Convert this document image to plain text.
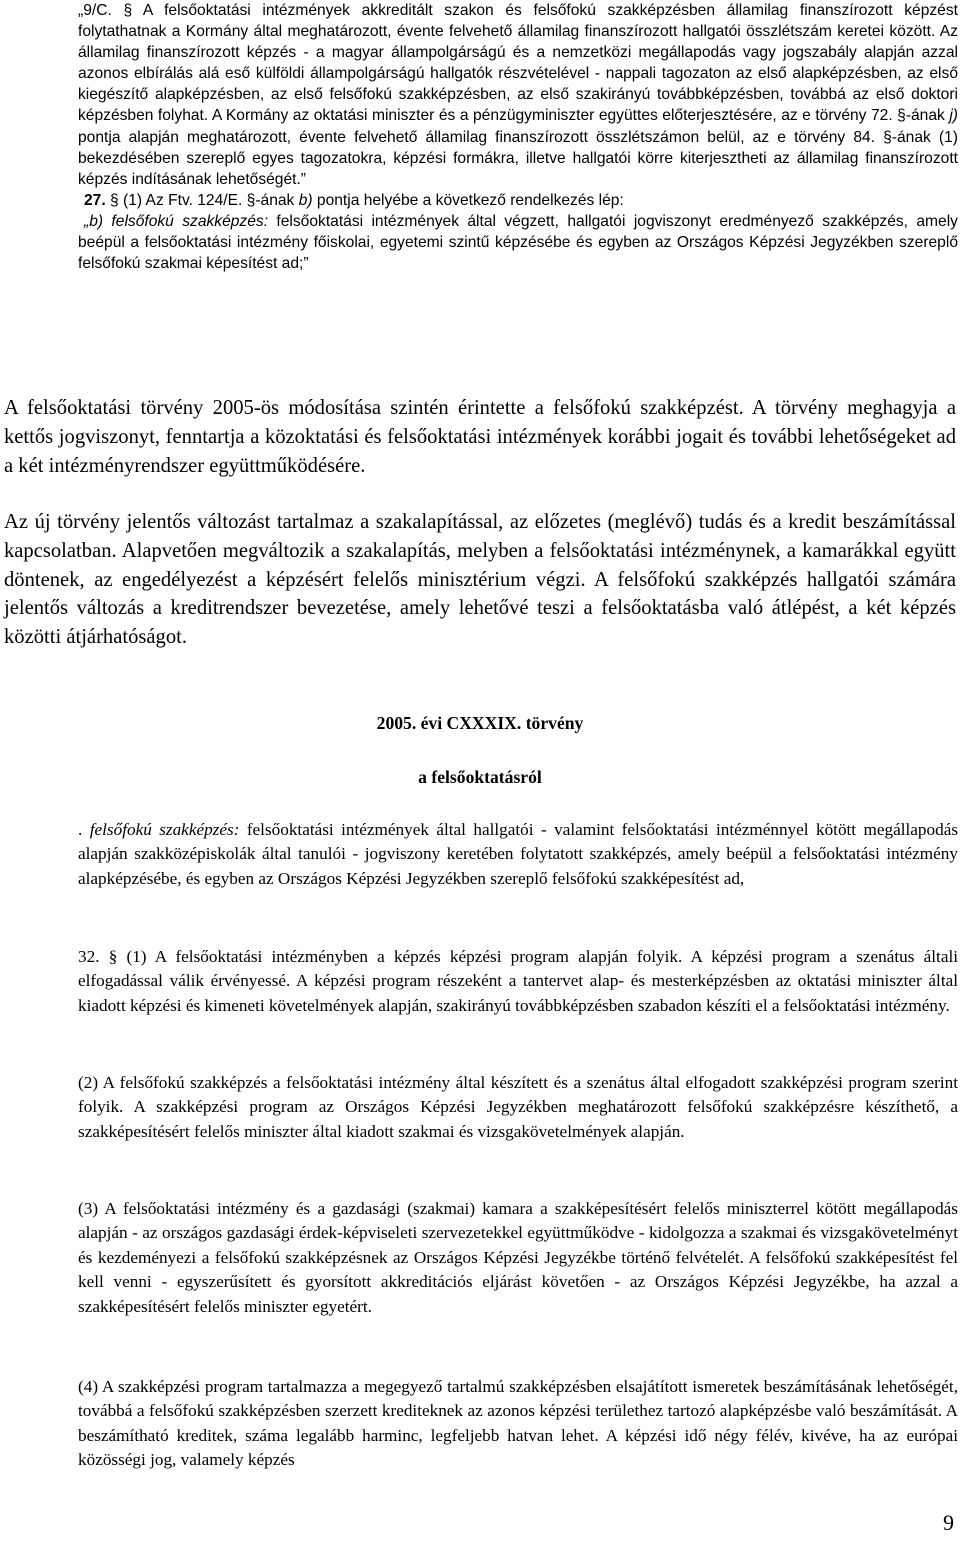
„9/C. § A felsőoktatási intézmények akkreditált szakon és felsőfokú szakképzésben államilag finanszírozott képzést folytathatnak a Kormány által meghatározott, évente felvehető államilag finanszírozott hallgatói összlétszám keretei között. Az államilag finanszírozott képzés - a magyar állampolgárságú és a nemzetközi megállapodás vagy jogszabály alapján azzal azonos elbírálás alá eső külföldi állampolgárságú hallgatók részvételével - nappali tagozaton az első alapképzésben, az első kiegészítő alapképzésben, az első felsőfokú szakképzésben, az első szakirányú továbbképzésben, továbbá az első doktori képzésben folyhat. A Kormány az oktatási miniszter és a pénzügyminiszter együttes előterjesztésére, az e törvény 72. §-ának j) pontja alapján meghatározott, évente felvehető államilag finanszírozott összlétszámon belül, az e törvény 84. §-ának (1) bekezdésében szereplő egyes tagozatokra, képzési formákra, illetve hallgatói körre kiterjesztheti az államilag finanszírozott képzés indításának lehetőségét.”

27. § (1) Az Ftv. 124/E. §-ának b) pontja helyébe a következő rendelkezés lép:

„b) felsőfokú szakképzés: felsőoktatási intézmények által végzett, hallgatói jogviszonyt eredményező szakképzés, amely beépül a felsőoktatási intézmény főiskolai, egyetemi szintű képzésébe és egyben az Országos Képzési Jegyzékben szereplő felsőfokú szakmai képesítést ad;”

A felsőoktatási törvény 2005-ös módosítása szintén érintette a felsőfokú szakképzést. A törvény meghagyja a kettős jogviszonyt, fenntartja a közoktatási és felsőoktatási intézmények korábbi jogait és további lehetőségeket ad a két intézményrendszer együttműködésére.

Az új törvény jelentős változást tartalmaz a szakalapítással, az előzetes (meglévő) tudás és a kredit beszámítással kapcsolatban. Alapvetően megváltozik a szakalapítás, melyben a felsőoktatási intézménynek, a kamarákkal együtt döntenek, az engedélyezést a képzésért felelős minisztérium végzi. A felsőfokú szakképzés hallgatói számára jelentős változás a kreditrendszer bevezetése, amely lehetővé teszi a felsőoktatásba való átlépést, a két képzés közötti átjárhatóságot.

2005. évi CXXXIX. törvény

a felsőoktatásról

. felsőfokú szakképzés: felsőoktatási intézmények által hallgatói - valamint felsőoktatási intézménnyel kötött megállapodás alapján szakközépiskolák által tanulói - jogviszony keretében folytatott szakképzés, amely beépül a felsőoktatási intézmény alapképzésébe, és egyben az Országos Képzési Jegyzékben szereplő felsőfokú szakképesítést ad,

32. § (1) A felsőoktatási intézményben a képzés képzési program alapján folyik. A képzési program a szenátus általi elfogadással válik érvényessé. A képzési program részeként a tantervet alap- és mesterképzésben az oktatási miniszter által kiadott képzési és kimeneti követelmények alapján, szakirányú továbbképzésben szabadon készíti el a felsőoktatási intézmény.

(2) A felsőfokú szakképzés a felsőoktatási intézmény által készített és a szenátus által elfogadott szakképzési program szerint folyik. A szakképzési program az Országos Képzési Jegyzékben meghatározott felsőfokú szakképzésre készíthető, a szakképesítésért felelős miniszter által kiadott szakmai és vizsgakövetelmények alapján.

(3) A felsőoktatási intézmény és a gazdasági (szakmai) kamara a szakképesítésért felelős miniszterrel kötött megállapodás alapján - az országos gazdasági érdek-képviseleti szervezetekkel együttműködve - kidolgozza a szakmai és vizsgakövetelményt és kezdeményezi a felsőfokú szakképzésnek az Országos Képzési Jegyzékbe történő felvételét. A felsőfokú szakképesítést fel kell venni - egyszerűsített és gyorsított akkreditációs eljárást követően - az Országos Képzési Jegyzékbe, ha azzal a szakképesítésért felelős miniszter egyetért.

(4) A szakképzési program tartalmazza a megegyező tartalmú szakképzésben elsajátított ismeretek beszámításának lehetőségét, továbbá a felsőfokú szakképzésben szerzett krediteknek az azonos képzési területhez tartozó alapképzésbe való beszámítását. A beszámítható kreditek, száma legalább harminc, legfeljebb hatvan lehet. A képzési idő négy félév, kivéve, ha az európai közösségi jog, valamely képzés

9
